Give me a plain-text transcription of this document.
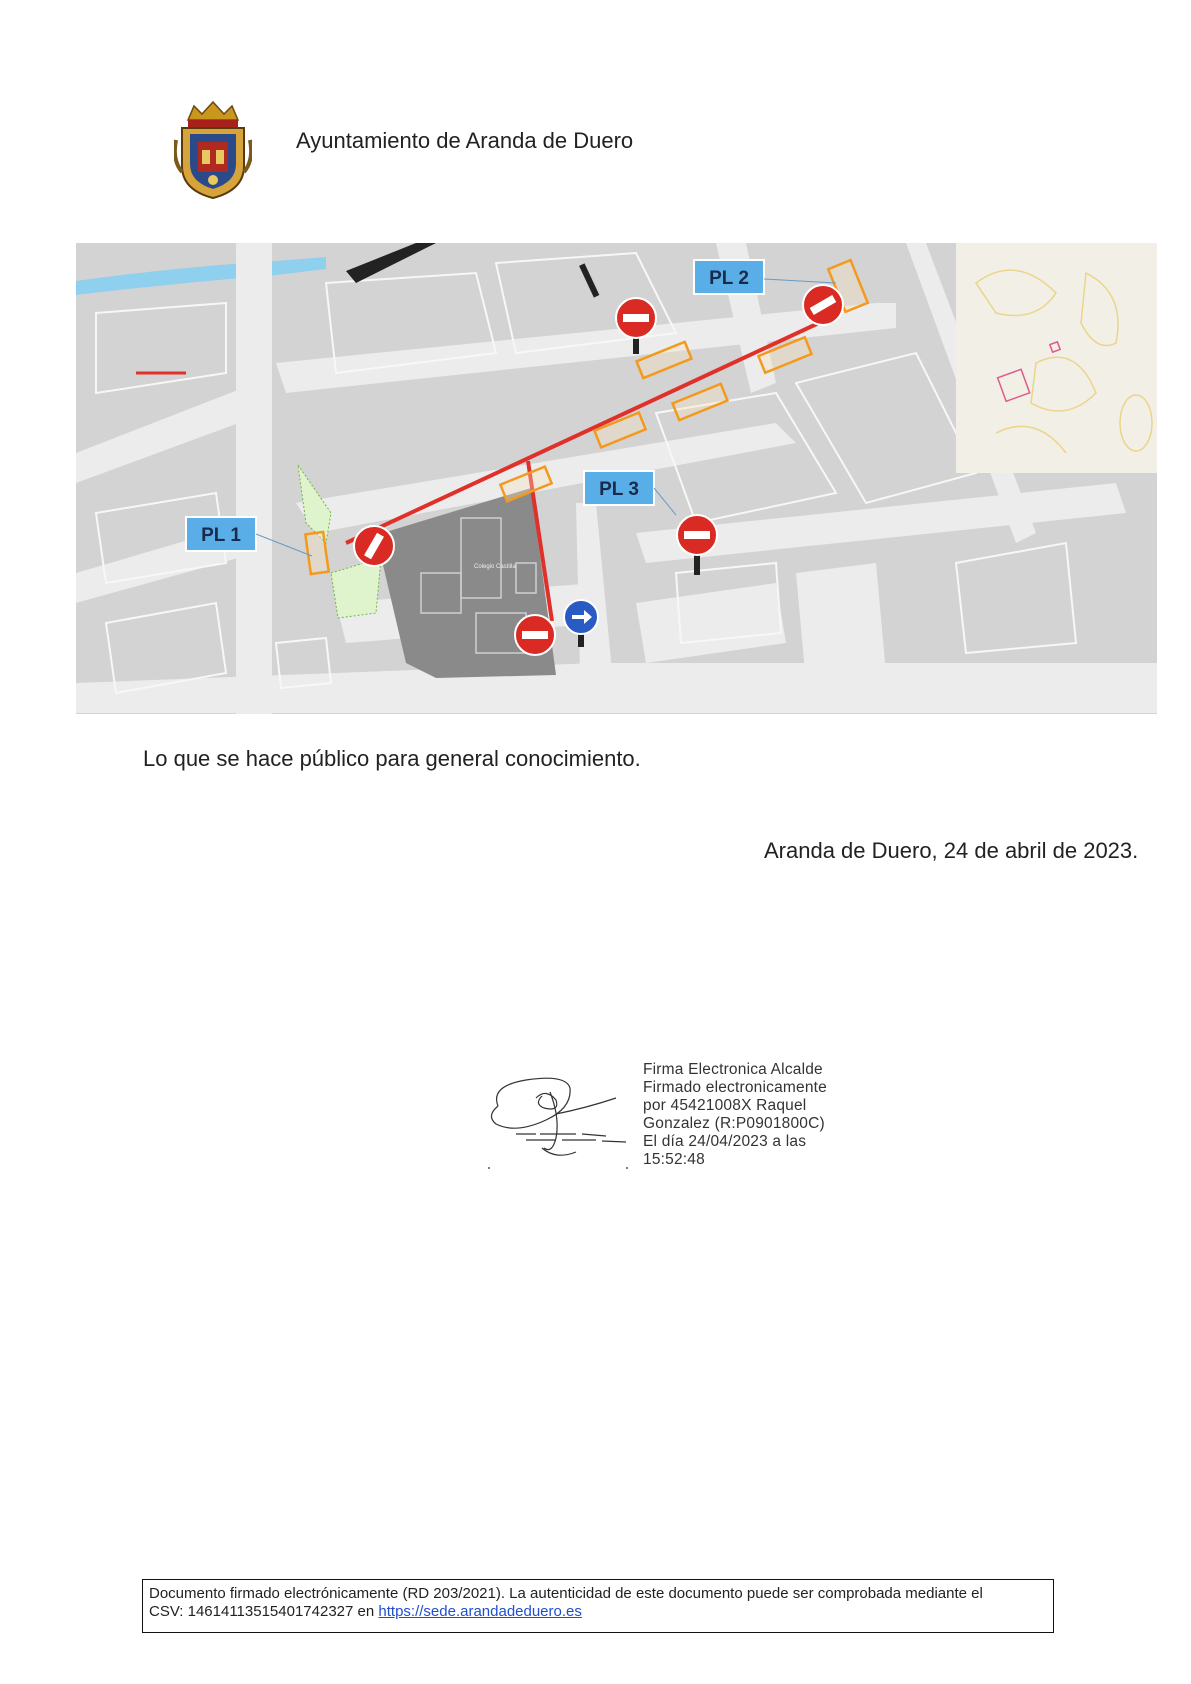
Ayuntamiento de Aranda de Duero
Colegio Castilla
PL 1
PL 2
PL 3
Lo que se hace público para general conocimiento.
Aranda de Duero, 24 de abril de 2023.
Firma Electronica Alcalde
Firmado electronicamente
por 45421008X Raquel
Gonzalez (R:P0901800C)
El día 24/04/2023 a las
15:52:48
Documento firmado electrónicamente (RD 203/2021). La autenticidad de este documento puede ser comprobada mediante el
CSV: 14614113515401742327 en https://sede.arandadeduero.es
